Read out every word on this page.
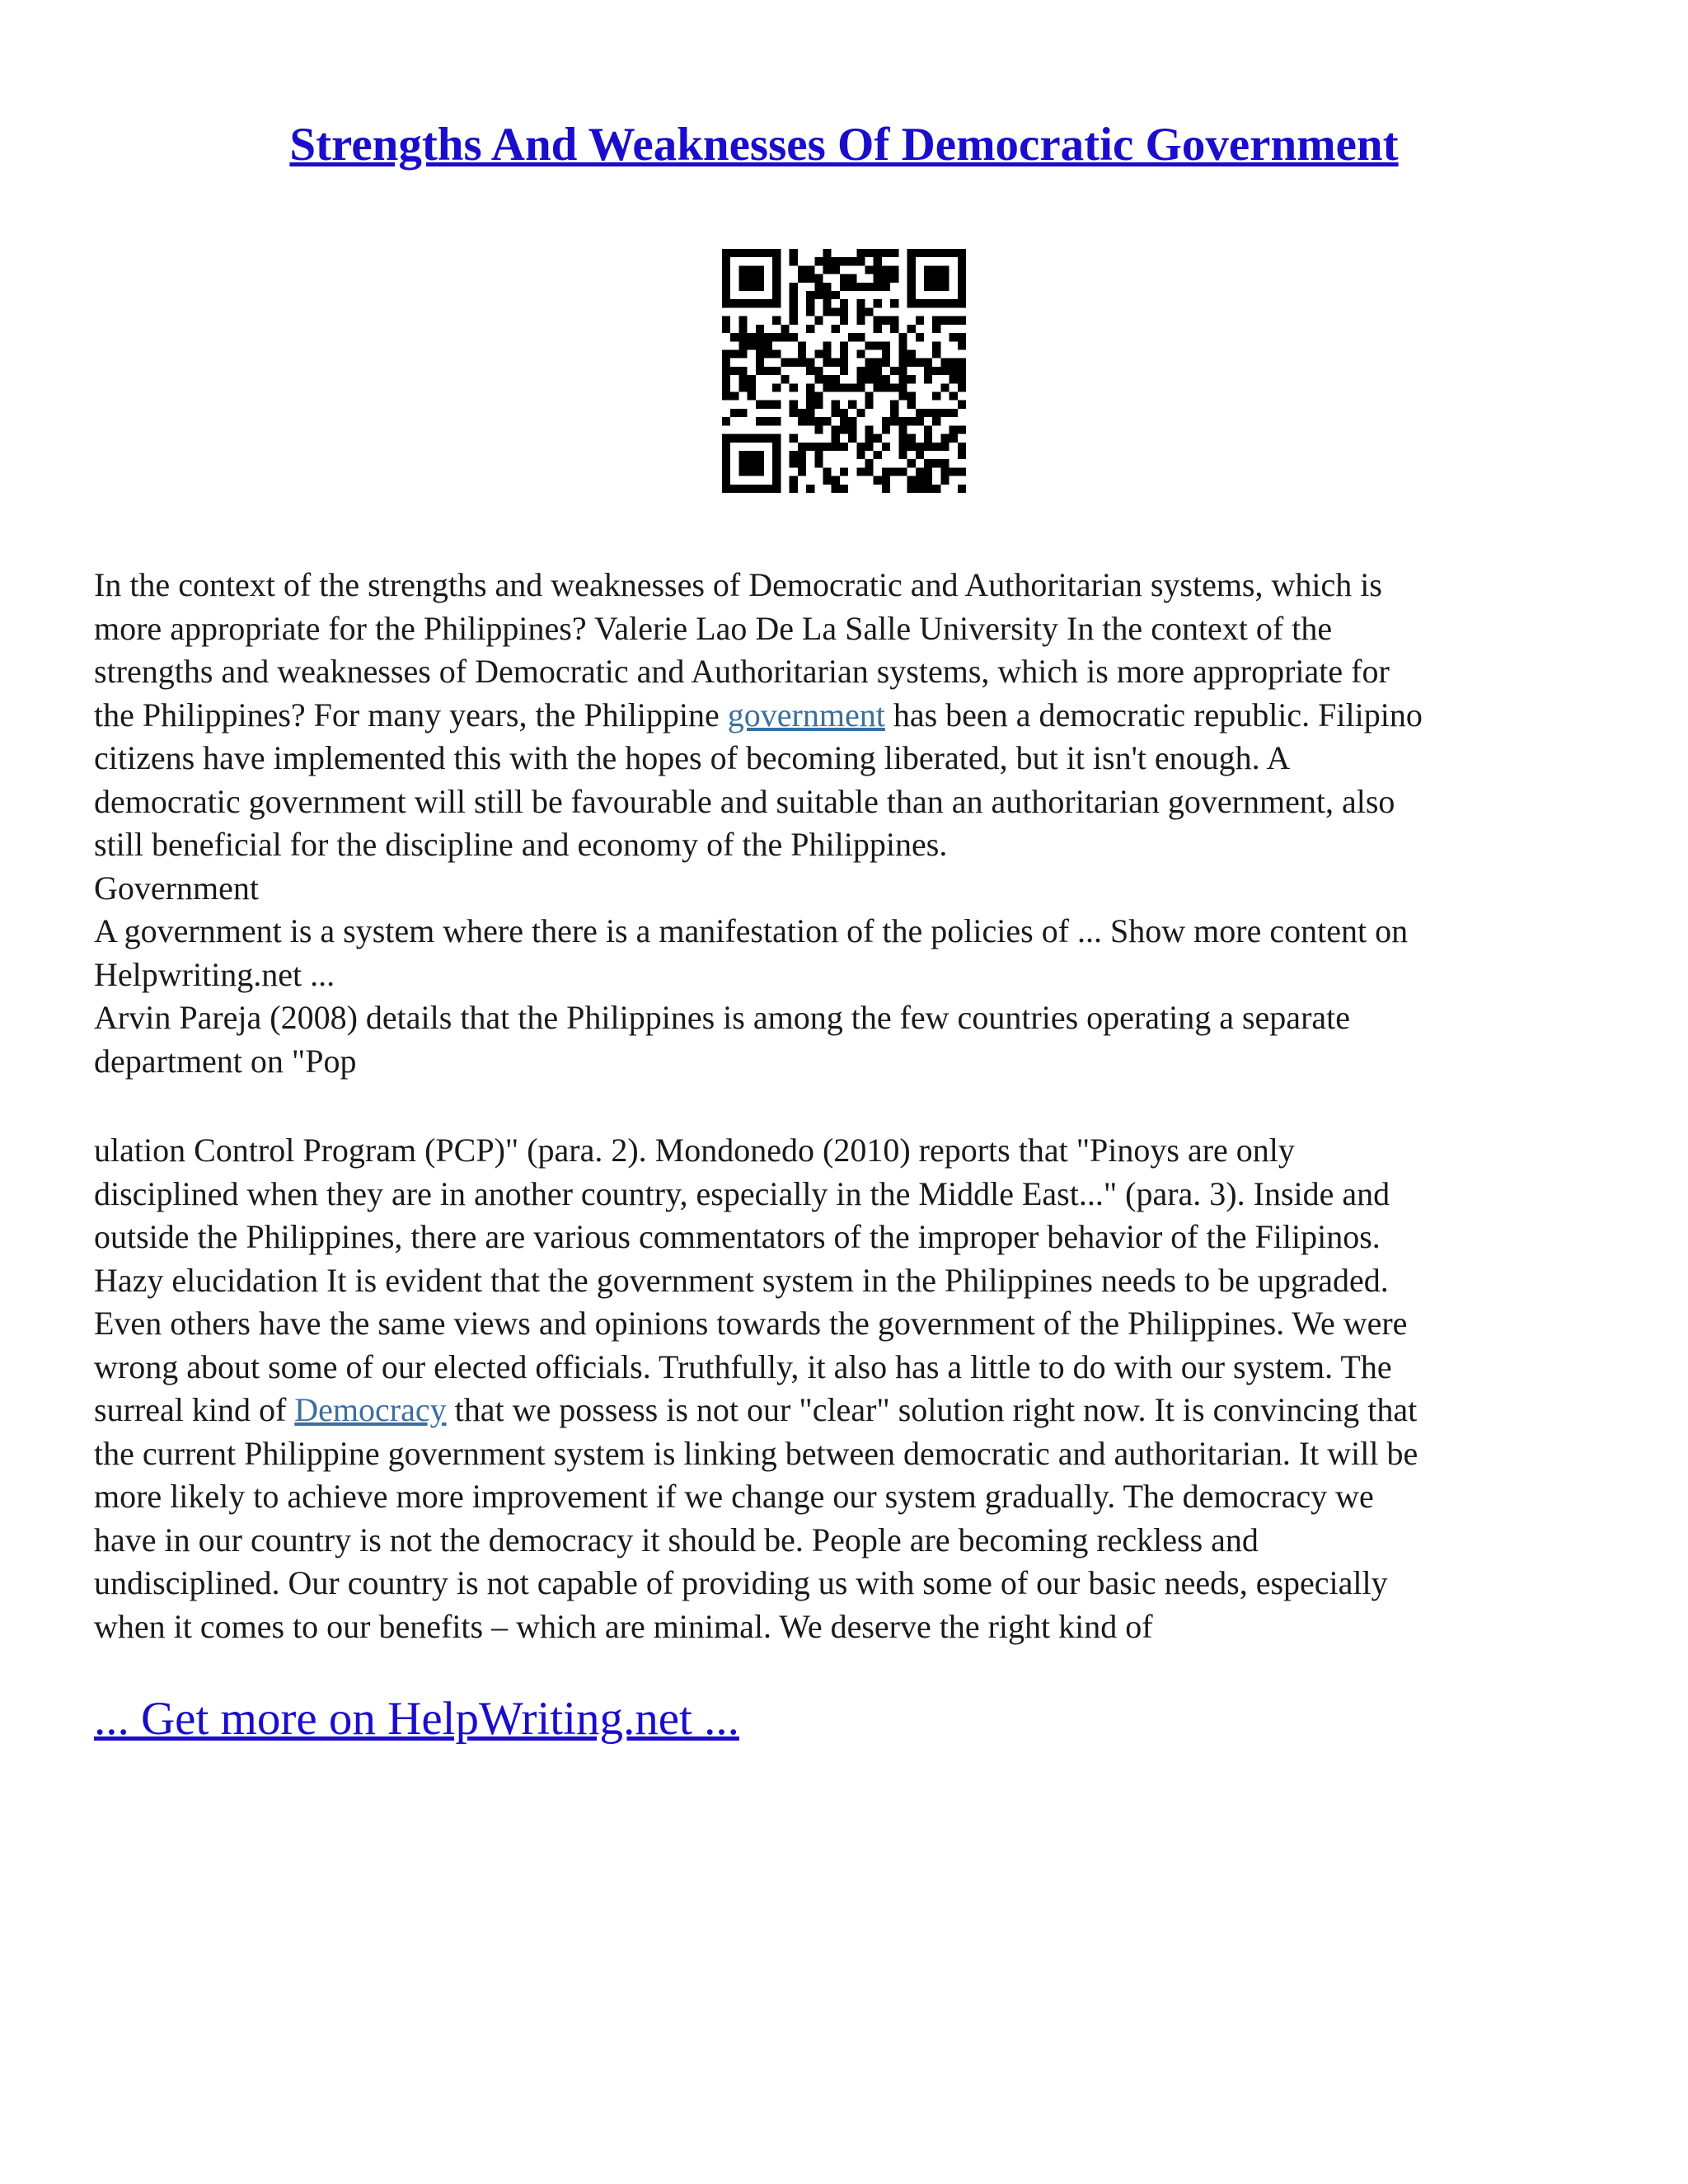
Strengths And Weaknesses Of Democratic Government
In the context of the strengths and weaknesses of Democratic and Authoritarian systems, which is
more appropriate for the Philippines? Valerie Lao De La Salle University In the context of the
strengths and weaknesses of Democratic and Authoritarian systems, which is more appropriate for
the Philippines? For many years, the Philippine government has been a democratic republic. Filipino
citizens have implemented this with the hopes of becoming liberated, but it isn't enough. A
democratic government will still be favourable and suitable than an authoritarian government, also
still beneficial for the discipline and economy of the Philippines.
Government
A government is a system where there is a manifestation of the policies of ... Show more content on
Helpwriting.net ...
Arvin Pareja (2008) details that the Philippines is among the few countries operating a separate
department on "Pop
ulation Control Program (PCP)" (para. 2). Mondonedo (2010) reports that "Pinoys are only
disciplined when they are in another country, especially in the Middle East..." (para. 3). Inside and
outside the Philippines, there are various commentators of the improper behavior of the Filipinos.
Hazy elucidation It is evident that the government system in the Philippines needs to be upgraded.
Even others have the same views and opinions towards the government of the Philippines. We were
wrong about some of our elected officials. Truthfully, it also has a little to do with our system. The
surreal kind of Democracy that we possess is not our "clear" solution right now. It is convincing that
the current Philippine government system is linking between democratic and authoritarian. It will be
more likely to achieve more improvement if we change our system gradually. The democracy we
have in our country is not the democracy it should be. People are becoming reckless and
undisciplined. Our country is not capable of providing us with some of our basic needs, especially
when it comes to our benefits – which are minimal. We deserve the right kind of
... Get more on HelpWriting.net ...
